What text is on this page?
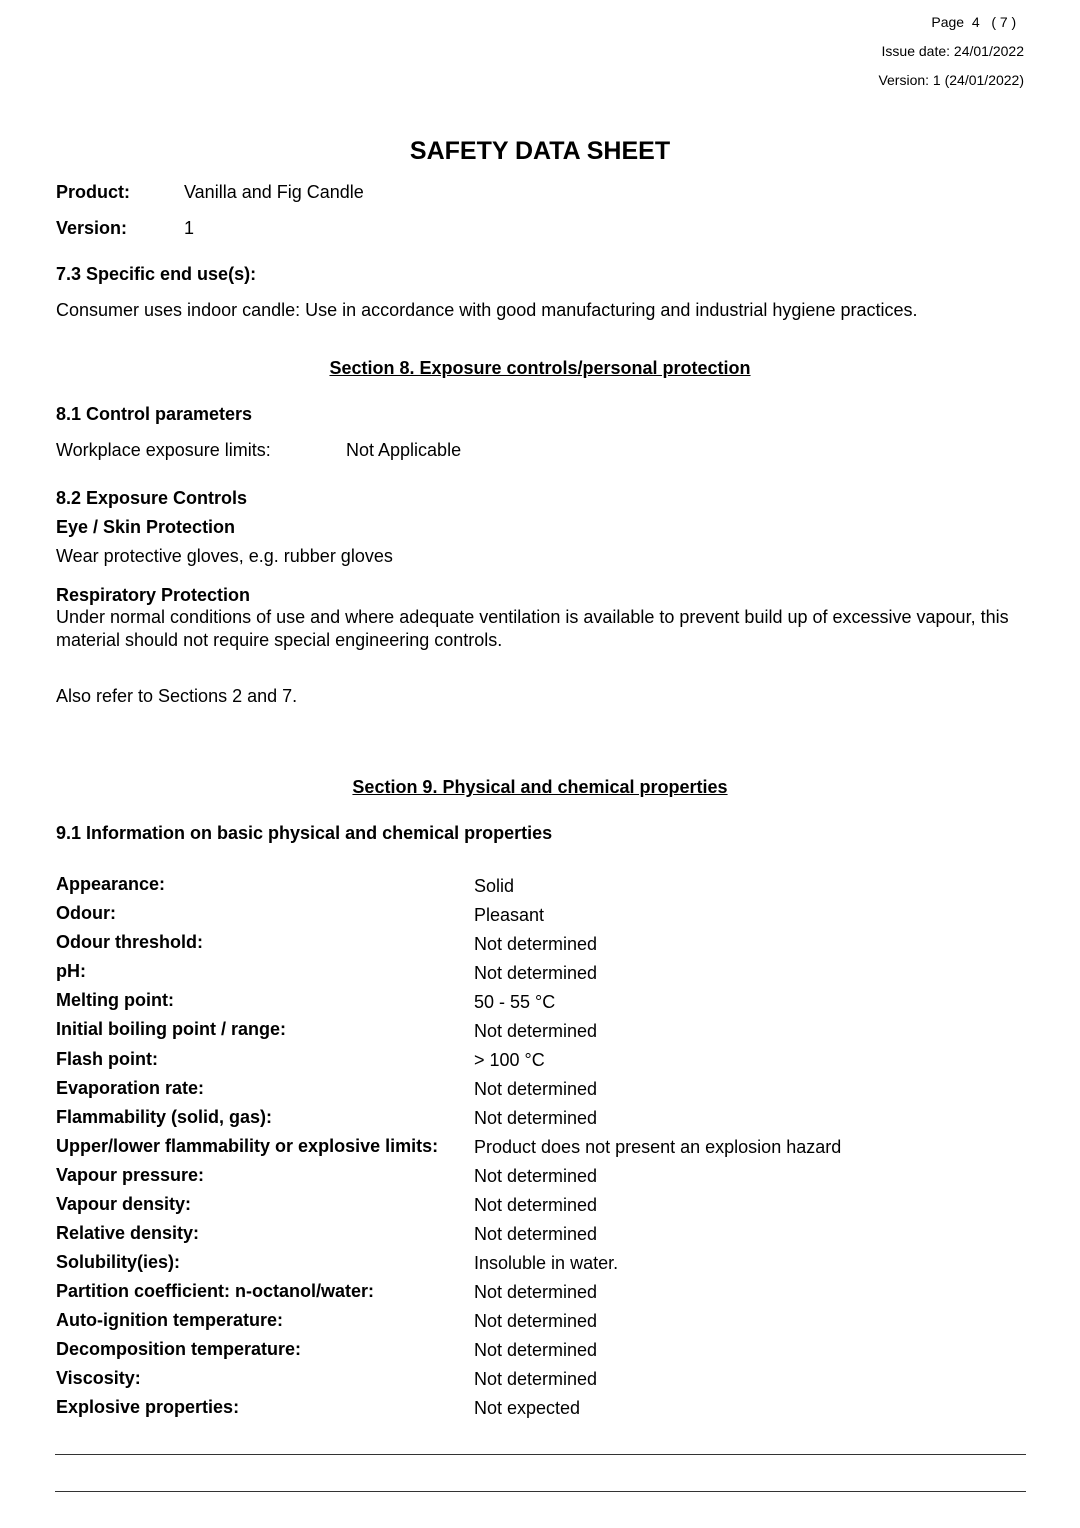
Page 4 ( 7 )
Issue date: 24/01/2022
Version: 1 (24/01/2022)
SAFETY DATA SHEET
Product:	Vanilla and Fig Candle
Version:	1
7.3 Specific end use(s):
Consumer uses indoor candle: Use in accordance with good manufacturing and industrial hygiene practices.
Section 8. Exposure controls/personal protection
8.1 Control parameters
Workplace exposure limits:	Not Applicable
8.2 Exposure Controls
Eye / Skin Protection
Wear protective gloves, e.g. rubber gloves
Respiratory Protection
Under normal conditions of use and where adequate ventilation is available to prevent build up of excessive vapour, this material should not require special engineering controls.
Also refer to Sections 2 and 7.
Section 9. Physical and chemical properties
9.1 Information on basic physical and chemical properties
Appearance:	Solid
Odour:	Pleasant
Odour threshold:	Not determined
pH:	Not determined
Melting point:	50 - 55 °C
Initial boiling point / range:	Not determined
Flash point:	> 100 °C
Evaporation rate:	Not determined
Flammability (solid, gas):	Not determined
Upper/lower flammability or explosive limits: Product does not present an explosion hazard
Vapour pressure:	Not determined
Vapour density:	Not determined
Relative density:	Not determined
Solubility(ies):	Insoluble in water.
Partition coefficient: n-octanol/water:	Not determined
Auto-ignition temperature:	Not determined
Decomposition temperature:	Not determined
Viscosity:	Not determined
Explosive properties:	Not expected
